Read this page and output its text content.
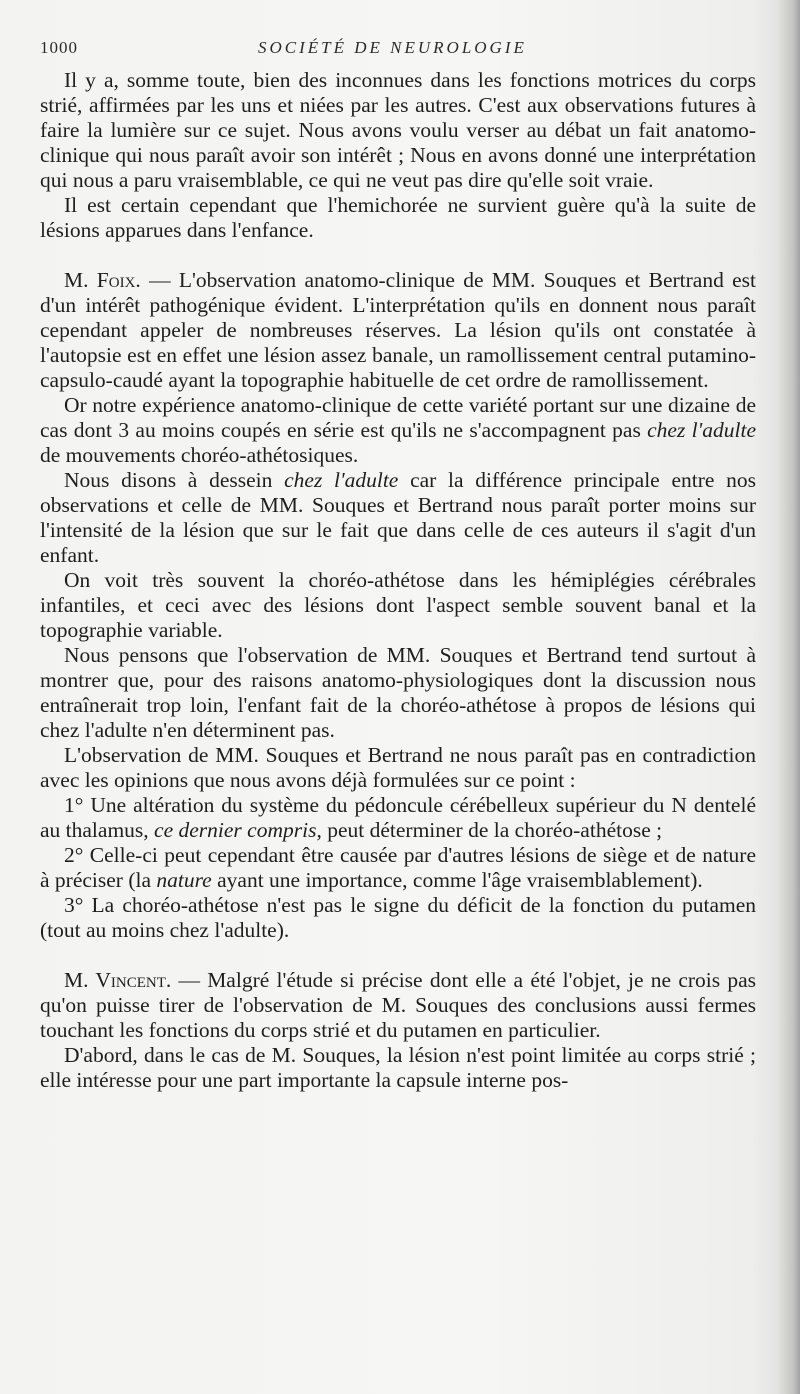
1000	SOCIÉTÉ DE NEUROLOGIE

Il y a, somme toute, bien des inconnues dans les fonctions motrices du corps strié, affirmées par les uns et niées par les autres. C'est aux observations futures à faire la lumière sur ce sujet. Nous avons voulu verser au débat un fait anatomo-clinique qui nous paraît avoir son intérêt ; Nous en avons donné une interprétation qui nous a paru vraisemblable, ce qui ne veut pas dire qu'elle soit vraie.

Il est certain cependant que l'hemichorée ne survient guère qu'à la suite de lésions apparues dans l'enfance.

M. Foix. — L'observation anatomo-clinique de MM. Souques et Bertrand est d'un intérêt pathogénique évident. L'interprétation qu'ils en donnent nous paraît cependant appeler de nombreuses réserves. La lésion qu'ils ont constatée à l'autopsie est en effet une lésion assez banale, un ramollissement central putamino-capsulo-caudé ayant la topographie habituelle de cet ordre de ramollissement.

Or notre expérience anatomo-clinique de cette variété portant sur une dizaine de cas dont 3 au moins coupés en série est qu'ils ne s'accompagnent pas chez l'adulte de mouvements choréo-athétosiques.

Nous disons à dessein chez l'adulte car la différence principale entre nos observations et celle de MM. Souques et Bertrand nous paraît porter moins sur l'intensité de la lésion que sur le fait que dans celle de ces auteurs il s'agit d'un enfant.

On voit très souvent la choréo-athétose dans les hémiplégies cérébrales infantiles, et ceci avec des lésions dont l'aspect semble souvent banal et la topographie variable.

Nous pensons que l'observation de MM. Souques et Bertrand tend surtout à montrer que, pour des raisons anatomo-physiologiques dont la discussion nous entraînerait trop loin, l'enfant fait de la choréo-athétose à propos de lésions qui chez l'adulte n'en déterminent pas.

L'observation de MM. Souques et Bertrand ne nous paraît pas en contradiction avec les opinions que nous avons déjà formulées sur ce point :

1° Une altération du système du pédoncule cérébelleux supérieur du N dentelé au thalamus, ce dernier compris, peut déterminer de la choréo-athétose ;

2° Celle-ci peut cependant être causée par d'autres lésions de siège et de nature à préciser (la nature ayant une importance, comme l'âge vraisemblablement).

3° La choréo-athétose n'est pas le signe du déficit de la fonction du putamen (tout au moins chez l'adulte).

M. Vincent. — Malgré l'étude si précise dont elle a été l'objet, je ne crois pas qu'on puisse tirer de l'observation de M. Souques des conclusions aussi fermes touchant les fonctions du corps strié et du putamen en particulier.

D'abord, dans le cas de M. Souques, la lésion n'est point limitée au corps strié ; elle intéresse pour une part importante la capsule interne pos-
